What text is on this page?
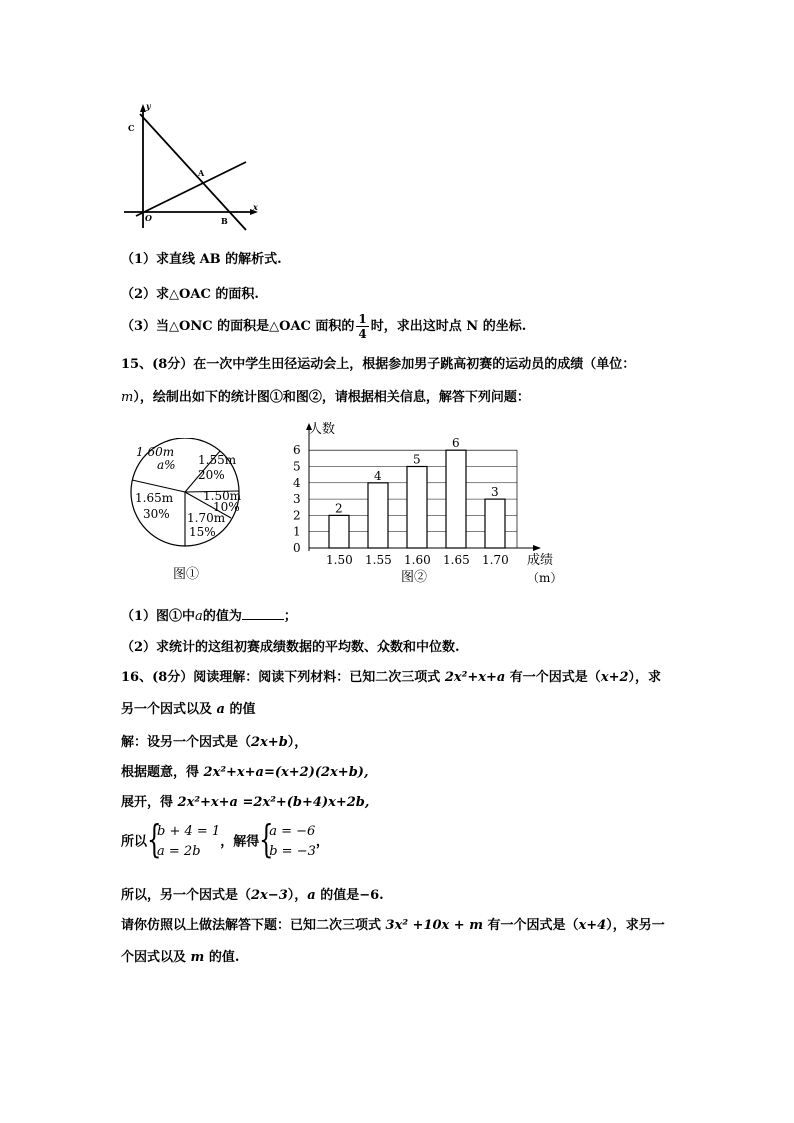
y
C
A
O	B
x
（1）求直线 AB 的解析式.
（2）求△OAC 的面积.
（3）当△ONC 的面积是△OAC 面积的 $\frac{1}{4}$ 时，求出这时点 N 的坐标.
15、(8分）在一次中学生田径运动会上，根据参加男子跳高初赛的运动员的成绩（单位：
m），绘制出如下的统计图①和图②，请根据相关信息，解答下列问题：
1.60m
a% 1.55m
20%
1.50m
10%
1.70m
15%
1.65m
30%
图①
0
1
2
3
4
5
6
2
1.50
4
1.55
5
1.60
6
1.65
3
1.70
人数
成绩
（m）
图②
（1）图①中a的值为	；
（2）求统计的这组初赛成绩数据的平均数、众数和中位数.
16、(8分）阅读理解：阅读下列材料：已知二次三项式 2x²+x+a 有一个因式是（x+2），求
另一个因式以及 a 的值
解：设另一个因式是（2x+b），
根据题意，得 2x²+x+a=(x+2)(2x+b),
展开，得 2x²+x+a =2x²+(b+4)x+2b,
所以 {
b + 4 = 1
a = 2b
，解得 {
a = −6
b = −3
，
所以，另一个因式是（2x−3），a 的值是−6.
请你仿照以上做法解答下题：已知二次三项式 3x² +10x + m 有一个因式是（x+4），求另一
个因式以及 m 的值.
